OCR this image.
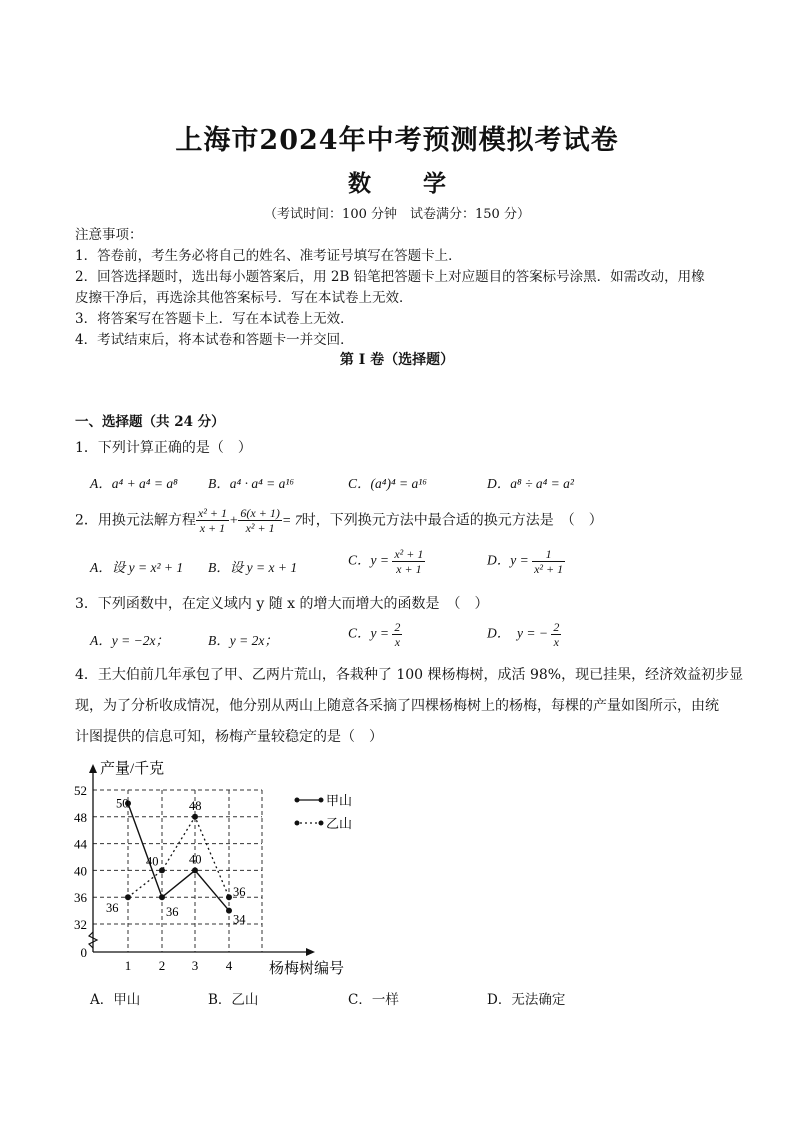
上海市2024年中考预测模拟考试卷
数 学
（考试时间：100 分钟　试卷满分：150 分）
注意事项：
1．答卷前，考生务必将自己的姓名、准考证号填写在答题卡上．
2．回答选择题时，选出每小题答案后，用 2B 铅笔把答题卡上对应题目的答案标号涂黑．如需改动，用橡
皮擦干净后，再选涂其他答案标号．写在本试卷上无效．
3．将答案写在答题卡上．写在本试卷上无效．
4．考试结束后，将本试卷和答题卡一并交回．
第 I 卷（选择题）
一、选择题（共 24 分）
1．下列计算正确的是（　）
A．a⁴ + a⁴ = a⁸ B．a⁴ · a⁴ = a¹⁶	C．(a⁴)⁴ = a¹⁶	D．a⁸ ÷ a⁴ = a²
2．用换元法解方程 $\frac{\text{x² + 1}}{x + 1} + \frac{6(x + 1)}{\text{x² + 1}} = 7$时，下列换元方法中最合适的换元方法是　（　）
A．设 y = x² + 1 B．设 y = x + 1	C．$y = \frac{\text{x² + 1}}{x + 1}$	D．$y = \frac{1}{\text{x² + 1}}$
3．下列函数中，在定义域内 y 随 x 的增大而增大的函数是　（　）
A．y = −2x；	B．y = 2x；	C．$y = \frac{2}{x}$	D．　y = − $\frac{2}{x}$
4．王大伯前几年承包了甲、乙两片荒山，各栽种了 100 棵杨梅树，成活 98%，现已挂果，经济效益初步显
现，为了分析收成情况，他分别从两山上随意各采摘了四棵杨梅树上的杨梅，每棵的产量如图所示，由统
计图提供的信息可知，杨梅产量较稳定的是（　）
52
48
44
40
36
32
0
1 2 3 4
产量/千克
杨梅树编号
50
36
40
34
36
40
48
36
甲山
乙山
A．甲山	B．乙山	C．一样	D．无法确定
